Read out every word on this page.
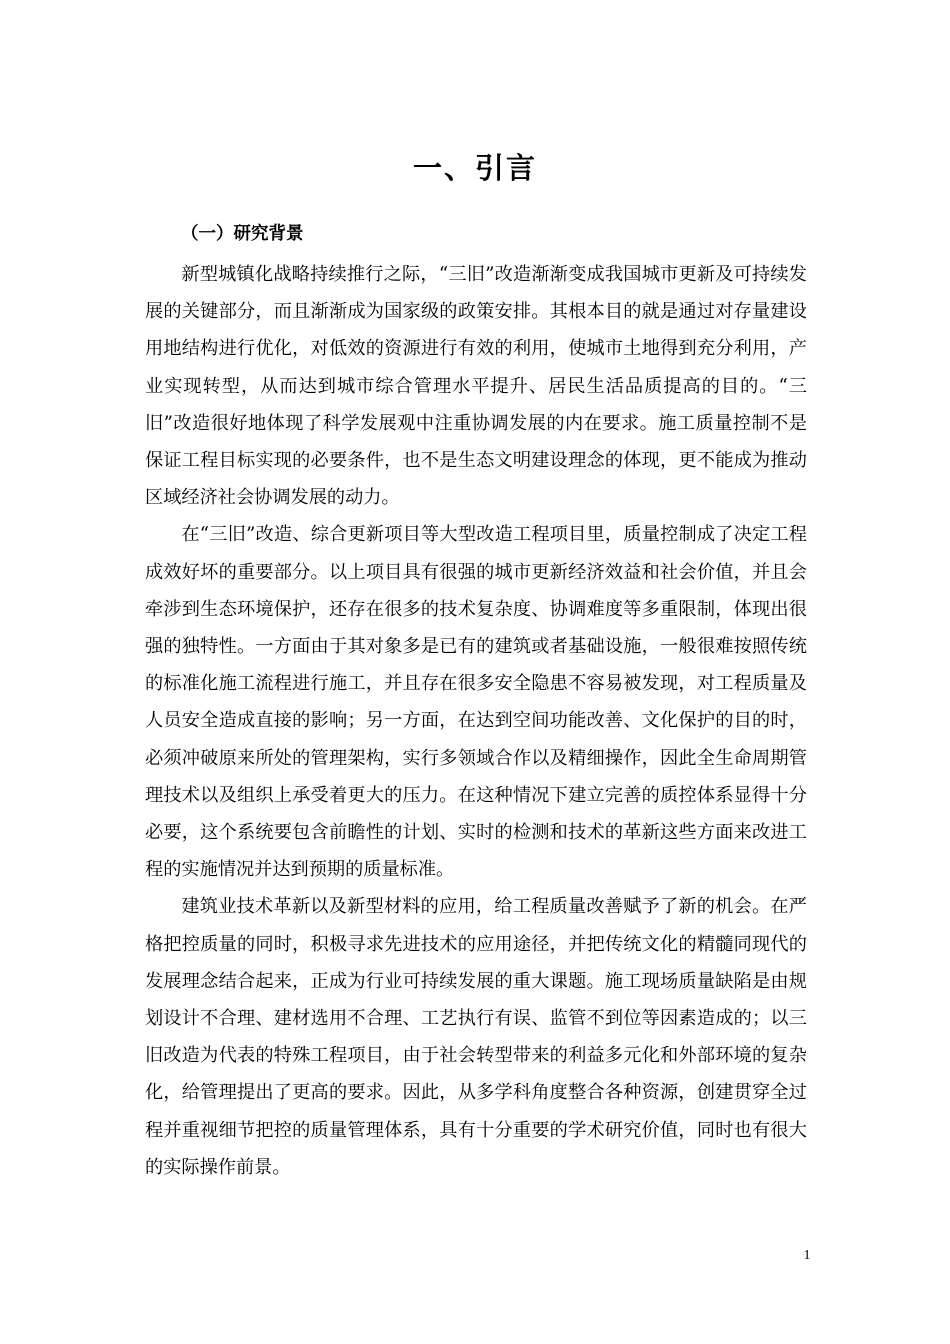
一、引言
（一）研究背景

新型城镇化战略持续推行之际，“三旧”改造渐渐变成我国城市更新及可持续发展的关键部分，而且渐渐成为国家级的政策安排。其根本目的就是通过对存量建设用地结构进行优化，对低效的资源进行有效的利用，使城市土地得到充分利用，产业实现转型，从而达到城市综合管理水平提升、居民生活品质提高的目的。“三旧”改造很好地体现了科学发展观中注重协调发展的内在要求。施工质量控制不是保证工程目标实现的必要条件，也不是生态文明建设理念的体现，更不能成为推动区域经济社会协调发展的动力。

在“三旧”改造、综合更新项目等大型改造工程项目里，质量控制成了决定工程成效好坏的重要部分。以上项目具有很强的城市更新经济效益和社会价值，并且会牵涉到生态环境保护，还存在很多的技术复杂度、协调难度等多重限制，体现出很强的独特性。一方面由于其对象多是已有的建筑或者基础设施，一般很难按照传统的标准化施工流程进行施工，并且存在很多安全隐患不容易被发现，对工程质量及人员安全造成直接的影响；另一方面，在达到空间功能改善、文化保护的目的时，必须冲破原来所处的管理架构，实行多领域合作以及精细操作，因此全生命周期管理技术以及组织上承受着更大的压力。在这种情况下建立完善的质控体系显得十分必要，这个系统要包含前瞻性的计划、实时的检测和技术的革新这些方面来改进工程的实施情况并达到预期的质量标准。

建筑业技术革新以及新型材料的应用，给工程质量改善赋予了新的机会。在严格把控质量的同时，积极寻求先进技术的应用途径，并把传统文化的精髓同现代的发展理念结合起来，正成为行业可持续发展的重大课题。施工现场质量缺陷是由规划设计不合理、建材选用不合理、工艺执行有误、监管不到位等因素造成的；以三旧改造为代表的特殊工程项目，由于社会转型带来的利益多元化和外部环境的复杂化，给管理提出了更高的要求。因此，从多学科角度整合各种资源，创建贯穿全过程并重视细节把控的质量管理体系，具有十分重要的学术研究价值，同时也有很大的实际操作前景。

1
